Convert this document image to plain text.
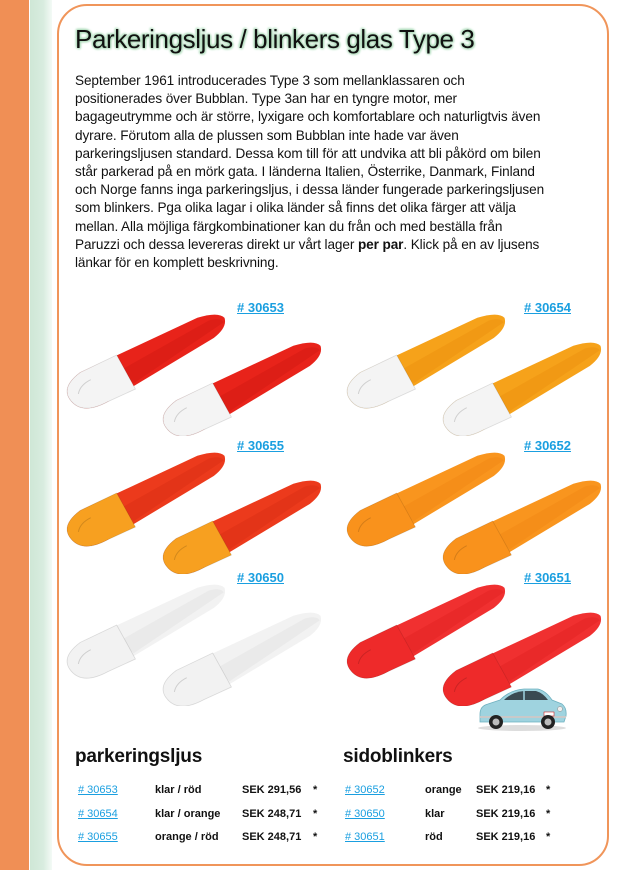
Parkeringsljus / blinkers glas Type 3

September 1961 introducerades Type 3 som mellanklassaren och positionerades över Bubblan. Type 3an har en tyngre motor, mer bagageutrymme och är större, lyxigare och komfortablare och naturligtvis även dyrare. Förutom alla de plussen som Bubblan inte hade var även parkeringsljusen standard. Dessa kom till för att undvika att bli påkörd om bilen står parkerad på en mörk gata. I länderna Italien, Österrike, Danmark, Finland och Norge fanns inga parkeringsljus, i dessa länder fungerade parkeringsljusen som blinkers. Pga olika lagar i olika länder så finns det olika färger att välja mellan. Alla möjliga färgkombinationer kan du från och med beställa från Paruzzi och dessa levereras direkt ur vårt lager per par. Klick på en av ljusens länkar för en komplett beskrivning.

# 30653	# 30654
# 30655	# 30652
# 30650	# 30651
parkeringsljus
# 30653	klar / röd	SEK 291,56 *
# 30654	klar / orange SEK 248,71 *
# 30655	orange / röd SEK 248,71 *
sidoblinkers
# 30652	orange SEK 219,16 *
# 30650	klar	SEK 219,16 *
# 30651	röd	SEK 219,16 *
